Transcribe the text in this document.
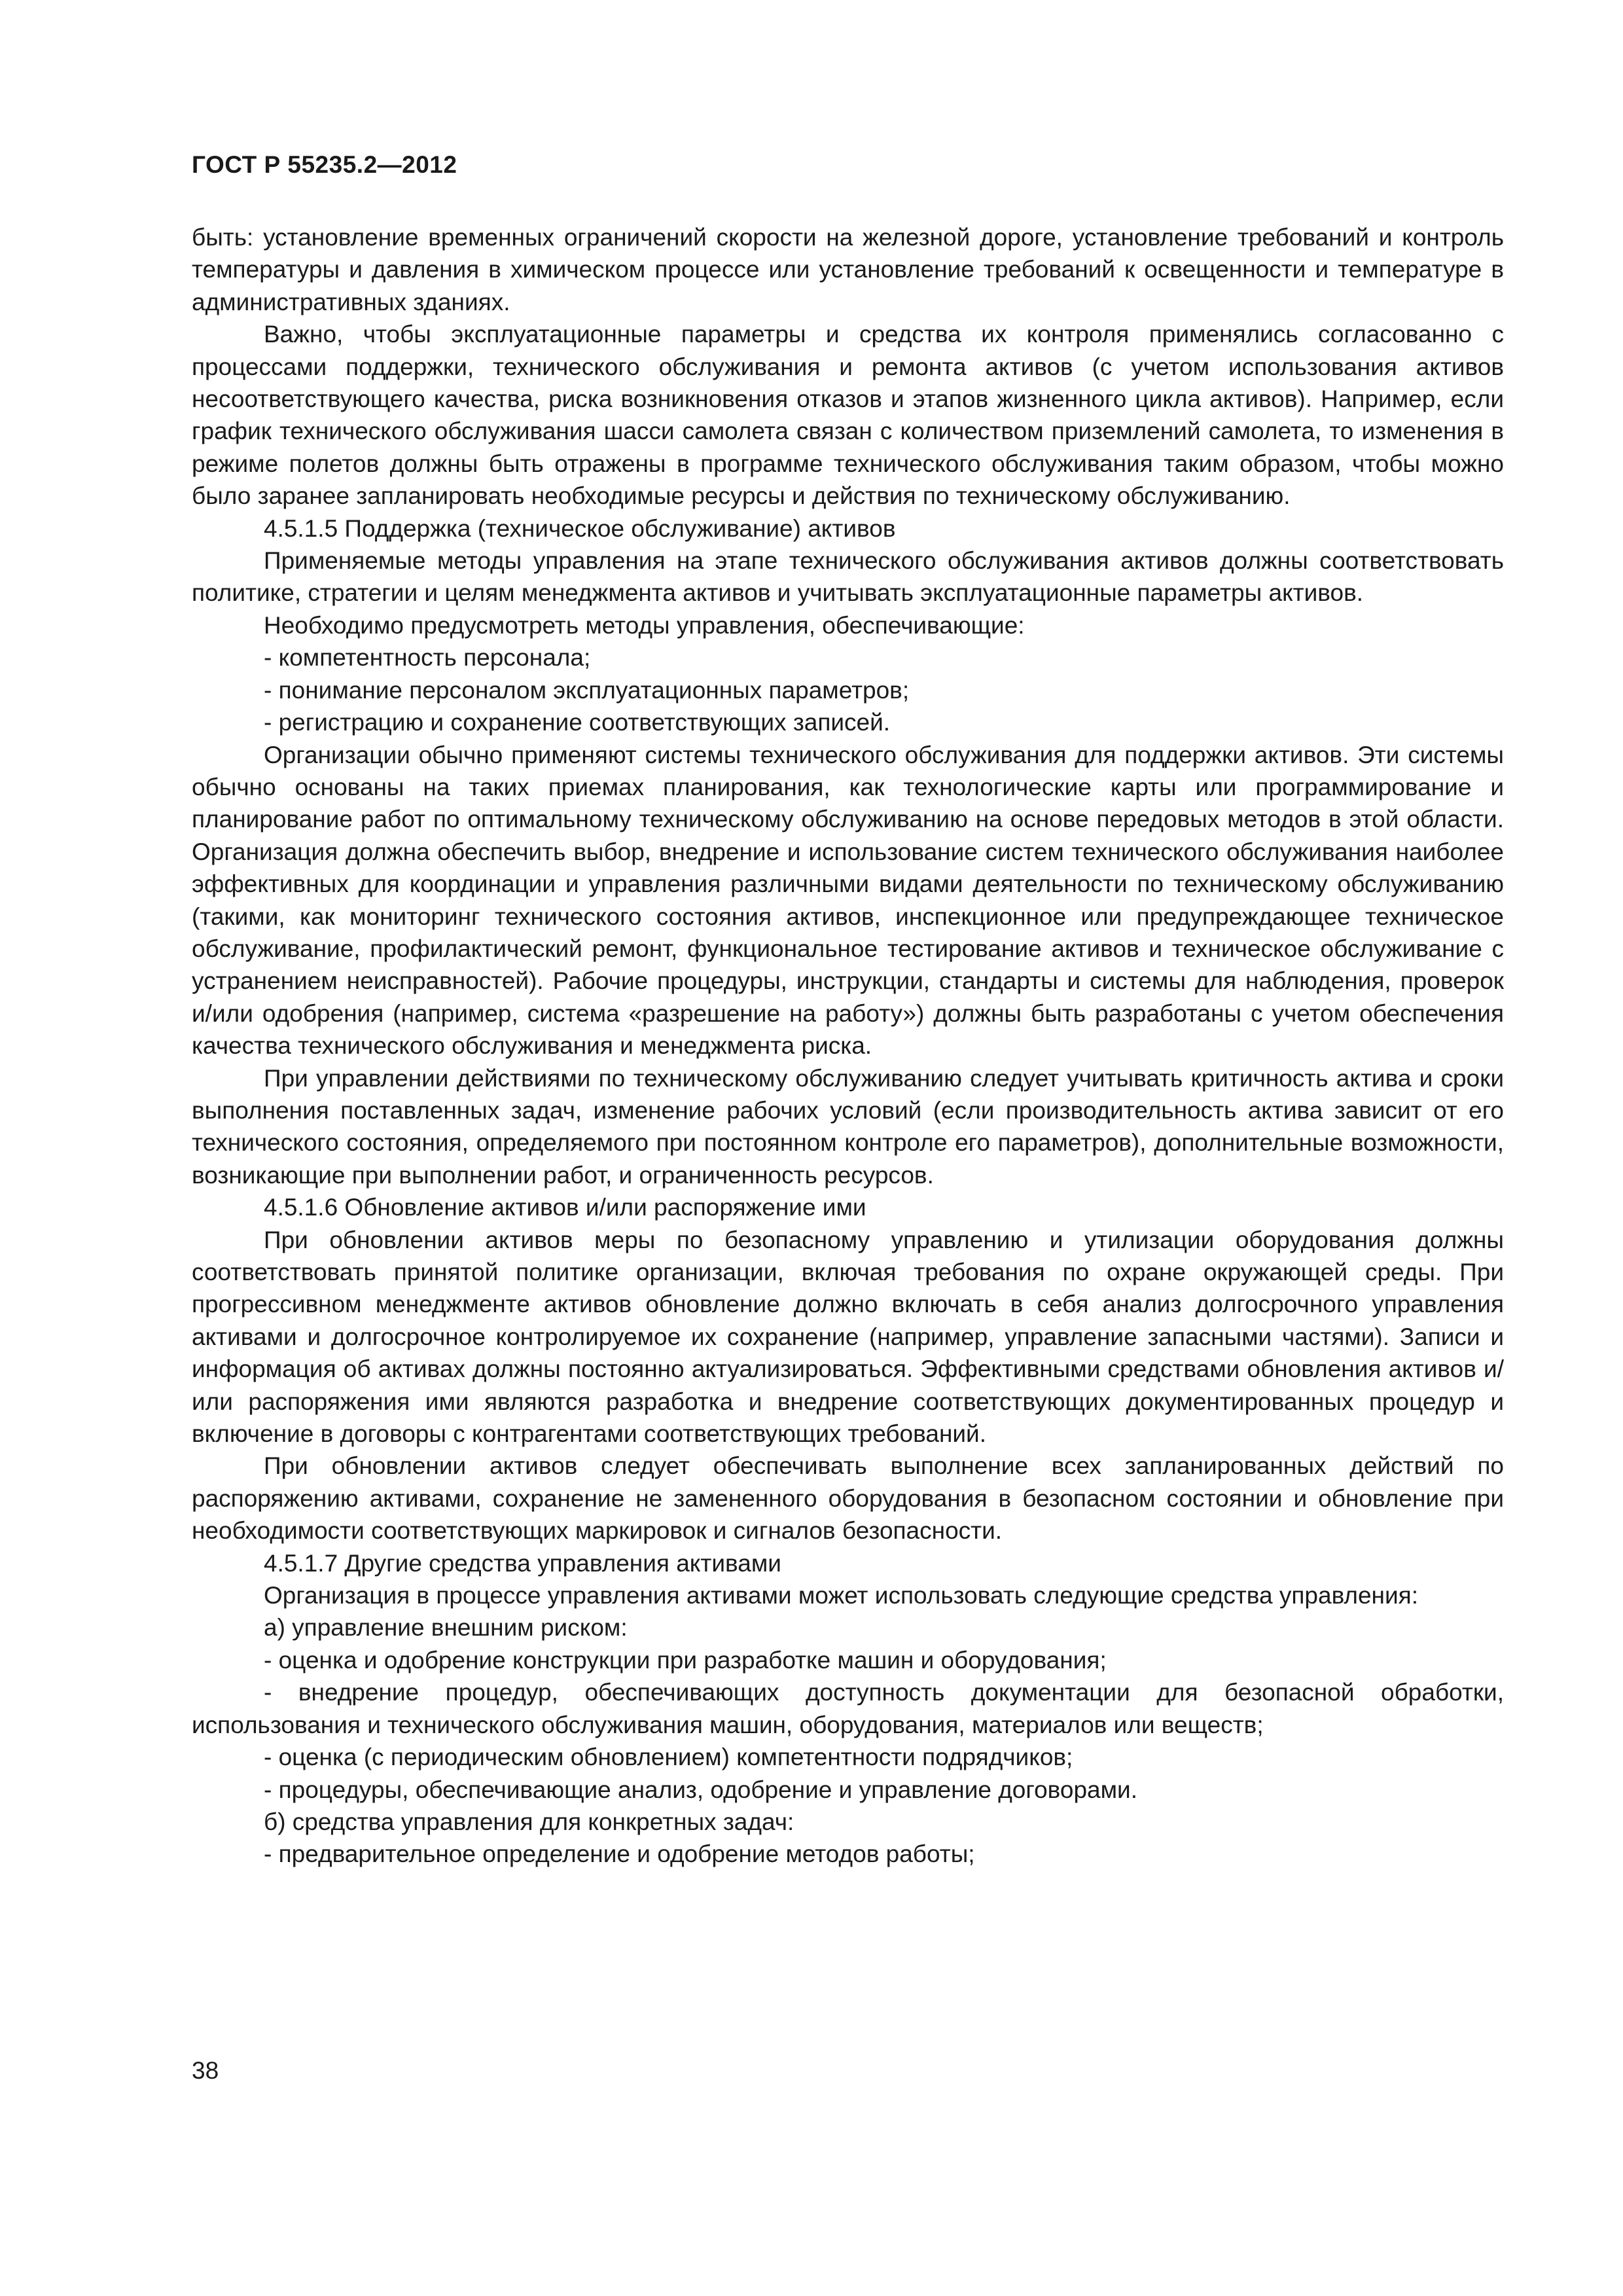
ГОСТ Р 55235.2—2012

быть: установление временных ограничений скорости на железной дороге, установление требований и контроль температуры и давления в химическом процессе или установление требований к освещенности и температуре в административных зданиях.

Важно, чтобы эксплуатационные параметры и средства их контроля применялись согласованно с процессами поддержки, технического обслуживания и ремонта активов (с учетом использования активов несоответствующего качества, риска возникновения отказов и этапов жизненного цикла активов). Например, если график технического обслуживания шасси самолета связан с количеством приземлений самолета, то изменения в режиме полетов должны быть отражены в программе технического обслуживания таким образом, чтобы можно было заранее запланировать необходимые ресурсы и действия по техническому обслуживанию.

4.5.1.5 Поддержка (техническое обслуживание) активов

Применяемые методы управления на этапе технического обслуживания активов должны соответствовать политике, стратегии и целям менеджмента активов и учитывать эксплуатационные параметры активов.

Необходимо предусмотреть методы управления, обеспечивающие:

- компетентность персонала;

- понимание персоналом эксплуатационных параметров;

- регистрацию и сохранение соответствующих записей.

Организации обычно применяют системы технического обслуживания для поддержки активов. Эти системы обычно основаны на таких приемах планирования, как технологические карты или программирование и планирование работ по оптимальному техническому обслуживанию на основе передовых методов в этой области. Организация должна обеспечить выбор, внедрение и использование систем технического обслуживания наиболее эффективных для координации и управления различными видами деятельности по техническому обслуживанию (такими, как мониторинг технического состояния активов, инспекционное или предупреждающее техническое обслуживание, профилактический ремонт, функциональное тестирование активов и техническое обслуживание с устранением неисправностей). Рабочие процедуры, инструкции, стандарты и системы для наблюдения, проверок и/или одобрения (например, система «разрешение на работу») должны быть разработаны с учетом обеспечения качества технического обслуживания и менеджмента риска.

При управлении действиями по техническому обслуживанию следует учитывать критичность актива и сроки выполнения поставленных задач, изменение рабочих условий (если производительность актива зависит от его технического состояния, определяемого при постоянном контроле его параметров), дополнительные возможности, возникающие при выполнении работ, и ограниченность ресурсов.

4.5.1.6 Обновление активов и/или распоряжение ими

При обновлении активов меры по безопасному управлению и утилизации оборудования должны соответствовать принятой политике организации, включая требования по охране окружающей среды. При прогрессивном менеджменте активов обновление должно включать в себя анализ долгосрочного управления активами и долгосрочное контролируемое их сохранение (например, управление запасными частями). Записи и информация об активах должны постоянно актуализироваться. Эффективными средствами обновления активов и/или распоряжения ими являются разработка и внедрение соответствующих документированных процедур и включение в договоры с контрагентами соответствующих требований.

При обновлении активов следует обеспечивать выполнение всех запланированных действий по распоряжению активами, сохранение не замененного оборудования в безопасном состоянии и обновление при необходимости соответствующих маркировок и сигналов безопасности.

4.5.1.7 Другие средства управления активами

Организация в процессе управления активами может использовать следующие средства управления:

а) управление внешним риском:

- оценка и одобрение конструкции при разработке машин и оборудования;

- внедрение процедур, обеспечивающих доступность документации для безопасной обработки, использования и технического обслуживания машин, оборудования, материалов или веществ;

- оценка (с периодическим обновлением) компетентности подрядчиков;

- процедуры, обеспечивающие анализ, одобрение и управление договорами.

б) средства управления для конкретных задач:

- предварительное определение и одобрение методов работы;

38
